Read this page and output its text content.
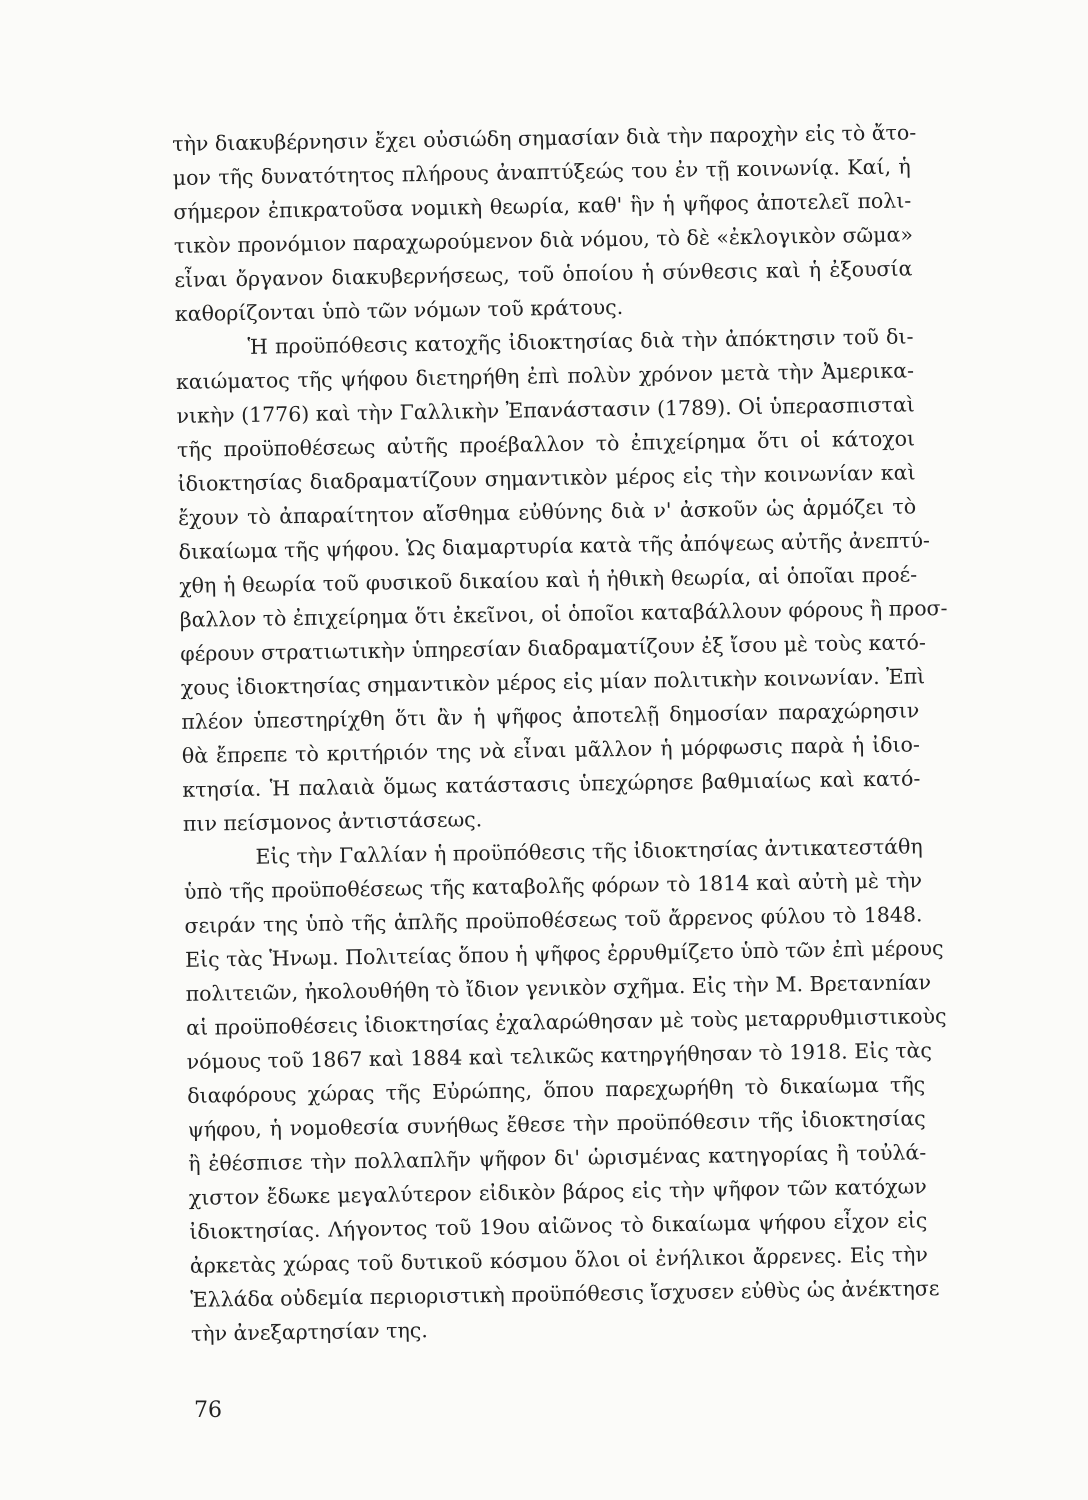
τὴν διακυβέρνησιν ἔχει οὐσιώδη σημασίαν διὰ τὴν παροχὴν εἰς τὸ ἄτο-
μον τῆς δυνατότητος πλήρους ἀναπτύξεώς του ἐν τῇ κοινωνίᾳ. Καί, ἡ
σήμερον ἐπικρατοῦσα νομικὴ θεωρία, καθ' ἣν ἡ ψῆφος ἀποτελεῖ πολι-
τικὸν προνόμιον παραχωρούμενον διὰ νόμου, τὸ δὲ «ἐκλογικὸν σῶμα»
εἶναι ὄργανον διακυβερνήσεως, τοῦ ὁποίου ἡ σύνθεσις καὶ ἡ ἐξουσία
καθορίζονται ὑπὸ τῶν νόμων τοῦ κράτους.
Ἡ προϋπόθεσις κατοχῆς ἰδιοκτησίας διὰ τὴν ἀπόκτησιν τοῦ δι-
καιώματος τῆς ψήφου διετηρήθη ἐπὶ πολὺν χρόνον μετὰ τὴν Ἀμερικα-
νικὴν (1776) καὶ τὴν Γαλλικὴν Ἐπανάστασιν (1789). Οἱ ὑπερασπισταὶ
τῆς προϋποθέσεως αὐτῆς προέβαλλον τὸ ἐπιχείρημα ὅτι οἱ κάτοχοι
ἰδιοκτησίας διαδραματίζουν σημαντικὸν μέρος εἰς τὴν κοινωνίαν καὶ
ἔχουν τὸ ἀπαραίτητον αἴσθημα εὐθύνης διὰ ν' ἀσκοῦν ὡς ἁρμόζει τὸ
δικαίωμα τῆς ψήφου. Ὡς διαμαρτυρία κατὰ τῆς ἀπόψεως αὐτῆς ἀνεπτύ-
χθη ἡ θεωρία τοῦ φυσικοῦ δικαίου καὶ ἡ ἠθικὴ θεωρία, αἱ ὁποῖαι προέ-
βαλλον τὸ ἐπιχείρημα ὅτι ἐκεῖνοι, οἱ ὁποῖοι καταβάλλουν φόρους ἢ προσ-
φέρουν στρατιωτικὴν ὑπηρεσίαν διαδραματίζουν ἐξ ἴσου μὲ τοὺς κατό-
χους ἰδιοκτησίας σημαντικὸν μέρος εἰς μίαν πολιτικὴν κοινωνίαν. Ἐπὶ
πλέον ὑπεστηρίχθη ὅτι ἂν ἡ ψῆφος ἀποτελῇ δημοσίαν παραχώρησιν
θὰ ἔπρεπε τὸ κριτήριόν της νὰ εἶναι μᾶλλον ἡ μόρφωσις παρὰ ἡ ἰδιο-
κτησία. Ἡ παλαιὰ ὅμως κατάστασις ὑπεχώρησε βαθμιαίως καὶ κατό-
πιν πείσμονος ἀντιστάσεως.
Εἰς τὴν Γαλλίαν ἡ προϋπόθεσις τῆς ἰδιοκτησίας ἀντικατεστάθη
ὑπὸ τῆς προϋποθέσεως τῆς καταβολῆς φόρων τὸ 1814 καὶ αὐτὴ μὲ τὴν
σειράν της ὑπὸ τῆς ἁπλῆς προϋποθέσεως τοῦ ἄρρενος φύλου τὸ 1848.
Εἰς τὰς Ἡνωμ. Πολιτείας ὅπου ἡ ψῆφος ἐρρυθμίζετο ὑπὸ τῶν ἐπὶ μέρους
πολιτειῶν, ἠκολουθήθη τὸ ἴδιον γενικὸν σχῆμα. Εἰς τὴν Μ. Βρετανníαν
αἱ προϋποθέσεις ἰδιοκτησίας ἐχαλαρώθησαν μὲ τοὺς μεταρρυθμιστικοὺς
νόμους τοῦ 1867 καὶ 1884 καὶ τελικῶς κατηργήθησαν τὸ 1918. Εἰς τὰς
διαφόρους χώρας τῆς Εὐρώπης, ὅπου παρεχωρήθη τὸ δικαίωμα τῆς
ψήφου, ἡ νομοθεσία συνήθως ἔθεσε τὴν προϋπόθεσιν τῆς ἰδιοκτησίας
ἢ ἐθέσπισε τὴν πολλαπλῆν ψῆφον δι' ὡρισμένας κατηγορίας ἢ τοὐλά-
χιστον ἔδωκε μεγαλύτερον εἰδικὸν βάρος εἰς τὴν ψῆφον τῶν κατόχων
ἰδιοκτησίας. Λήγοντος τοῦ 19ου αἰῶνος τὸ δικαίωμα ψήφου εἶχον εἰς
ἀρκετὰς χώρας τοῦ δυτικοῦ κόσμου ὅλοι οἱ ἐνήλικοι ἄρρενες. Εἰς τὴν
Ἑλλάδα οὐδεμία περιοριστικὴ προϋπόθεσις ἴσχυσεν εὐθὺς ὡς ἀνέκτησε
τὴν ἀνεξαρτησίαν της.
76
